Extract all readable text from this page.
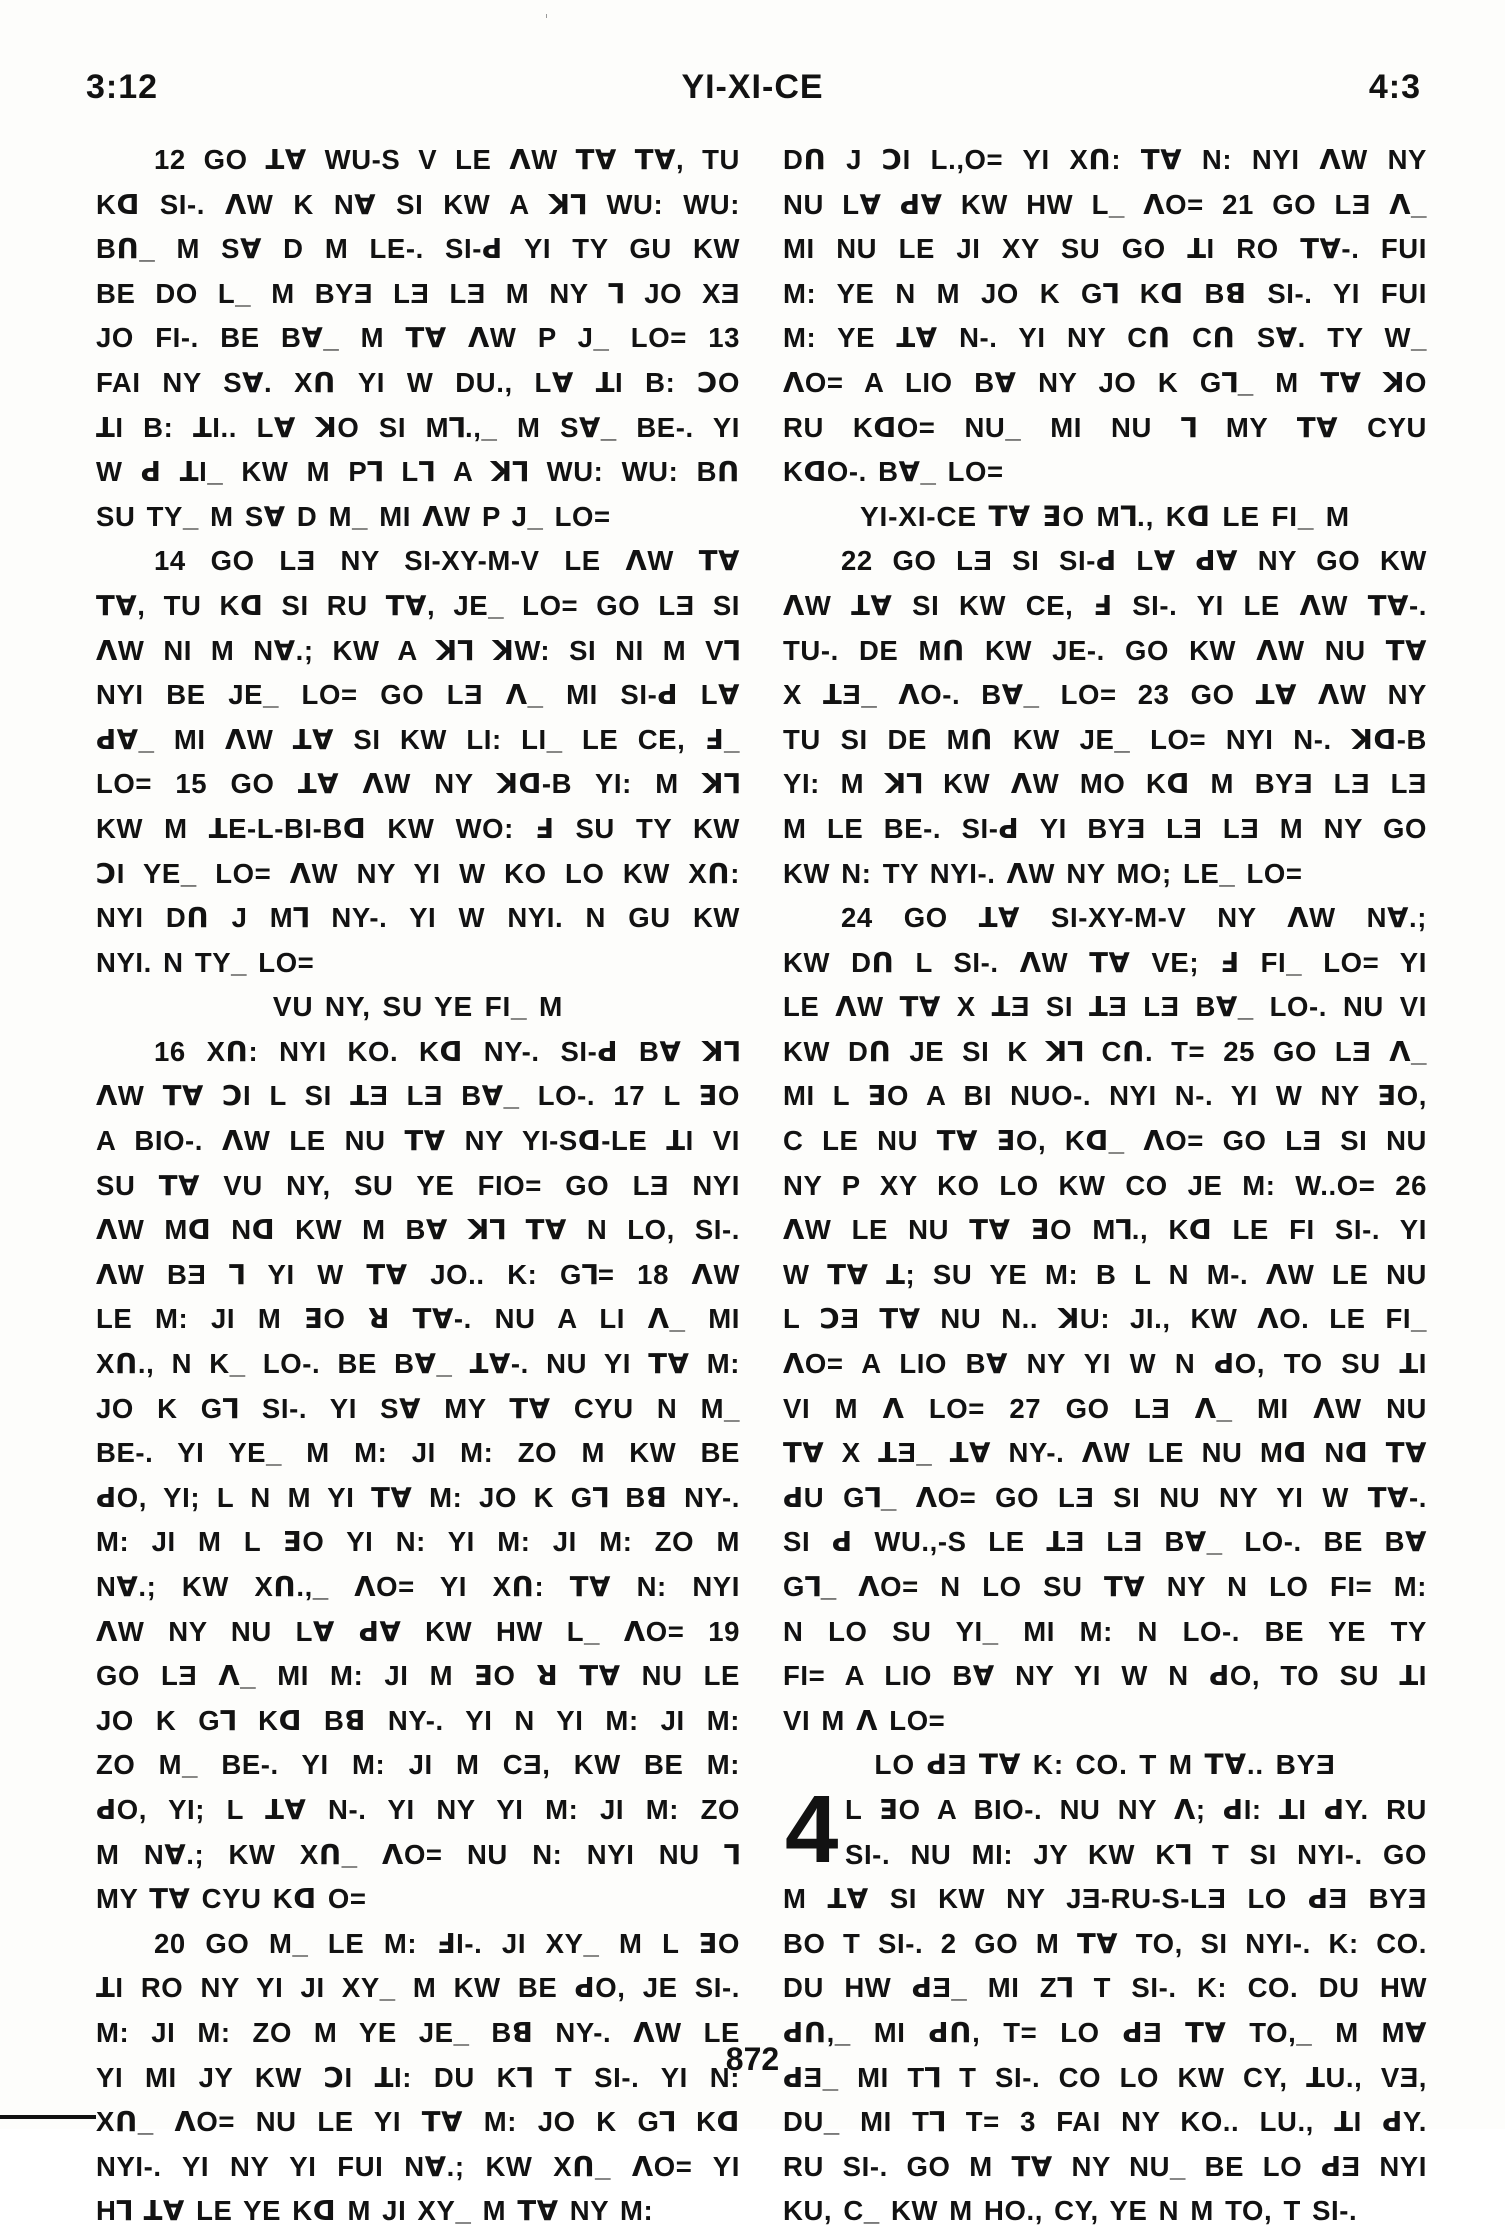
3:12	YI-XI-CE	4:3
12 GO ꓕꓯ WU-S V LE ꓥW ꓔꓯ ꓔꓯ, TU
Kꓷ SI-. ꓥW K Nꓯ SI KW A ꓘꓶ WU: WU:
Bꓵ_ M Sꓯ D M LE-. SI-ꓒ YI TY GU KW
BE DO L_ M BYƎ LƎ LƎ M NY ꓶ JO XƎ
JO FI-. BE Bꓯ_ M ꓔꓯ ꓥW P J_ LO= 13
FAI NY Sꓯ. Xꓵ YI W DU., Lꓯ ꓕI B: ꓛO
ꓕI B: ꓕI.. Lꓯ ꓘO SI Mꓶ.,_ M Sꓯ_ BE-. YI
W ꓒ ꓕI_ KW M Pꓶ Lꓶ A ꓘꓶ WU: WU: Bꓵ
SU TY_ M Sꓯ D M_ MI ꓥW P J_ LO=
14 GO LƎ NY SI-XY-M-V LE ꓥW ꓔꓯ
ꓔꓯ, TU Kꓷ SI RU ꓔꓯ, JE_ LO= GO LƎ SI
ꓥW NI M Nꓯ.; KW A ꓘꓶ ꓘW: SI NI M Vꓶ
NYI BE JE_ LO= GO LƎ ꓥ_ MI SI-ꓒ Lꓯ
ꓒꓯ_ MI ꓥW ꓕꓯ SI KW LI: LI_ LE CE, Ⅎ_
LO= 15 GO ꓕꓯ ꓥW NY ꓘꓷ-B YI: M ꓘꓶ
KW M ꓕE-L-BI-Bꓷ KW WO: Ⅎ SU TY KW
ꓛI YE_ LO= ꓥW NY YI W KO LO KW Xꓵ:
NYI Dꓵ J Mꓶ NY-. YI W NYI. N GU KW
NYI. N TY_ LO=
VU NY, SU YE FI_ M
16 Xꓵ: NYI KO. Kꓷ NY-. SI-ꓒ Bꓯ ꓘꓶ
ꓥW ꓔꓯ ꓛI L SI ꓕƎ LƎ Bꓯ_ LO-. 17 L ꓱO
A BIO-. ꓥW LE NU ꓔꓯ NY YI-Sꓷ-LE ꓕI VI
SU ꓔꓯ VU NY, SU YE FIO= GO LƎ NYI
ꓥW Mꓷ Nꓷ KW M Bꓯ ꓘꓶ ꓔꓯ N LO, SI-.
ꓥW BƎ ꓶ YI W ꓔꓯ JO.. K: Gꓶ= 18 ꓥW
LE M: JI M ꓱO ꓤ ꓔꓯ-. NU A LI ꓥ_ MI
Xꓵ., N K_ LO-. BE Bꓯ_ ꓕꓯ-. NU YI ꓔꓯ M:
JO K Gꓶ SI-. YI Sꓯ MY ꓔꓯ CYU N M_
BE-. YI YE_ M M: JI M: ZO M KW BE
ꓒO, YI; L N M YI ꓔꓯ M: JO K Gꓶ Bꓭ NY-.
M: JI M L ꓱO YI N: YI M: JI M: ZO M
Nꓯ.; KW Xꓵ.,_ ꓥO= YI Xꓵ: ꓔꓯ N: NYI
ꓥW NY NU Lꓯ ꓒꓯ KW HW L_ ꓥO= 19
GO LƎ ꓥ_ MI M: JI M ꓱO ꓤ ꓔꓯ NU LE
JO K Gꓶ Kꓷ Bꓭ NY-. YI N YI M: JI M:
ZO M_ BE-. YI M: JI M CƎ, KW BE M:
ꓒO, YI; L ꓕꓯ N-. YI NY YI M: JI M: ZO
M Nꓯ.; KW Xꓵ_ ꓥO= NU N: NYI NU ꓶ
MY ꓔꓯ CYU Kꓷ O=
20 GO M_ LE M: ꓞI-. JI XY_ M L ꓱO
ꓕI RO NY YI JI XY_ M KW BE ꓒO, JE SI-.
M: JI M: ZO M YE JE_ Bꓭ NY-. ꓥW LE
YI MI JY KW ꓛI ꓕI: DU Kꓶ T SI-. YI N:
Xꓵ_ ꓥO= NU LE YI ꓔꓯ M: JO K Gꓶ Kꓷ
NYI-. YI NY YI FUI Nꓯ.; KW Xꓵ_ ꓥO= YI
Hꓶ ꓕꓯ LE YE Kꓷ M JI XY_ M ꓔꓯ NY M:
Dꓵ J ꓛI L.,O= YI Xꓵ: ꓔꓯ N: NYI ꓥW NY
NU Lꓯ ꓒꓯ KW HW L_ ꓥO= 21 GO LƎ ꓥ_
MI NU LE JI XY SU GO ꓕI RO ꓔꓯ-. FUI
M: YE N M JO K Gꓶ Kꓷ Bꓭ SI-. YI FUI
M: YE ꓕꓯ N-. YI NY Cꓵ Cꓵ Sꓯ. TY W_
ꓥO= A LIO Bꓯ NY JO K Gꓶ_ M ꓔꓯ ꓘO
RU KꓷO= NU_ MI NU ꓶ MY ꓔꓯ CYU
KꓷO-. Bꓯ_ LO=
YI-XI-CE ꓔꓯ ꓱO Mꓶ., Kꓷ LE FI_ M
22 GO LƎ SI SI-ꓒ Lꓯ ꓒꓯ NY GO KW
ꓥW ꓕꓯ SI KW CE, Ⅎ SI-. YI LE ꓥW ꓔꓯ-.
TU-. DE Mꓵ KW JE-. GO KW ꓥW NU ꓔꓯ
X ꓕƎ_ ꓥO-. Bꓯ_ LO= 23 GO ꓕꓯ ꓥW NY
TU SI DE Mꓵ KW JE_ LO= NYI N-. ꓘꓷ-B
YI: M ꓘꓶ KW ꓥW MO Kꓷ M BYƎ LƎ LƎ
M LE BE-. SI-ꓒ YI BYƎ LƎ LƎ M NY GO
KW N: TY NYI-. ꓥW NY MO; LE_ LO=
24 GO ꓕꓯ SI-XY-M-V NY ꓥW Nꓯ.;
KW Dꓵ L SI-. ꓥW ꓔꓯ VE; Ⅎ FI_ LO= YI
LE ꓥW ꓔꓯ X ꓕƎ SI ꓕƎ LƎ Bꓯ_ LO-. NU VI
KW Dꓵ JE SI K ꓘꓶ Cꓵ. T= 25 GO LƎ ꓥ_
MI L ꓱO A BI NUO-. NYI N-. YI W NY ꓱO,
C LE NU ꓔꓯ ꓱO, Kꓷ_ ꓥO= GO LƎ SI NU
NY P XY KO LO KW CO JE M: W..O= 26
ꓥW LE NU ꓔꓯ ꓱO Mꓶ., Kꓷ LE FI SI-. YI
W ꓔꓯ ꓕ; SU YE M: B L N M-. ꓥW LE NU
L ꓛƎ ꓔꓯ NU N.. ꓘU: JI., KW ꓥO. LE FI_
ꓥO= A LIO Bꓯ NY YI W N ꓒO, TO SU ꓕI
VI M ꓥ LO= 27 GO LƎ ꓥ_ MI ꓥW NU
ꓔꓯ X ꓕƎ_ ꓕꓯ NY-. ꓥW LE NU Mꓷ Nꓷ ꓔꓯ
ꓒU Gꓶ_ ꓥO= GO LƎ SI NU NY YI W ꓔꓯ-.
SI ꓒ WU.,-S LE ꓕƎ LƎ Bꓯ_ LO-. BE Bꓯ
Gꓶ_ ꓥO= N LO SU ꓔꓯ NY N LO FI= M:
N LO SU YI_ MI M: N LO-. BE YE TY
FI= A LIO Bꓯ NY YI W N ꓒO, TO SU ꓕI
VI M ꓥ LO=
LO ꓒƎ ꓔꓯ K: CO. T M ꓔꓯ.. BYƎ
4 L ꓱO A BIO-. NU NY ꓥ; ꓒI: ꓕI ꓒY. RU
SI-. NU MI: JY KW Kꓶ T SI NYI-. GO
M ꓕꓯ SI KW NY JƎ-RU-S-LƎ LO ꓒƎ BYƎ
BO T SI-. 2 GO M ꓔꓯ TO, SI NYI-. K: CO.
DU HW ꓒƎ_ MI Zꓶ T SI-. K: CO. DU HW
ꓒꓵ,_ MI ꓒꓵ, T= LO ꓒƎ ꓔꓯ TO,_ M Mꓯ
ꓒƎ_ MI Tꓶ T SI-. CO LO KW CY, ꓕU., VƎ,
DU_ MI Tꓶ T= 3 FAI NY KO.. LU., ꓕI ꓒY.
RU SI-. GO M ꓔꓯ NY NU_ BE LO ꓒƎ NYI
KU, C_ KW M HO., CY, YE N M TO, T SI-.
872
